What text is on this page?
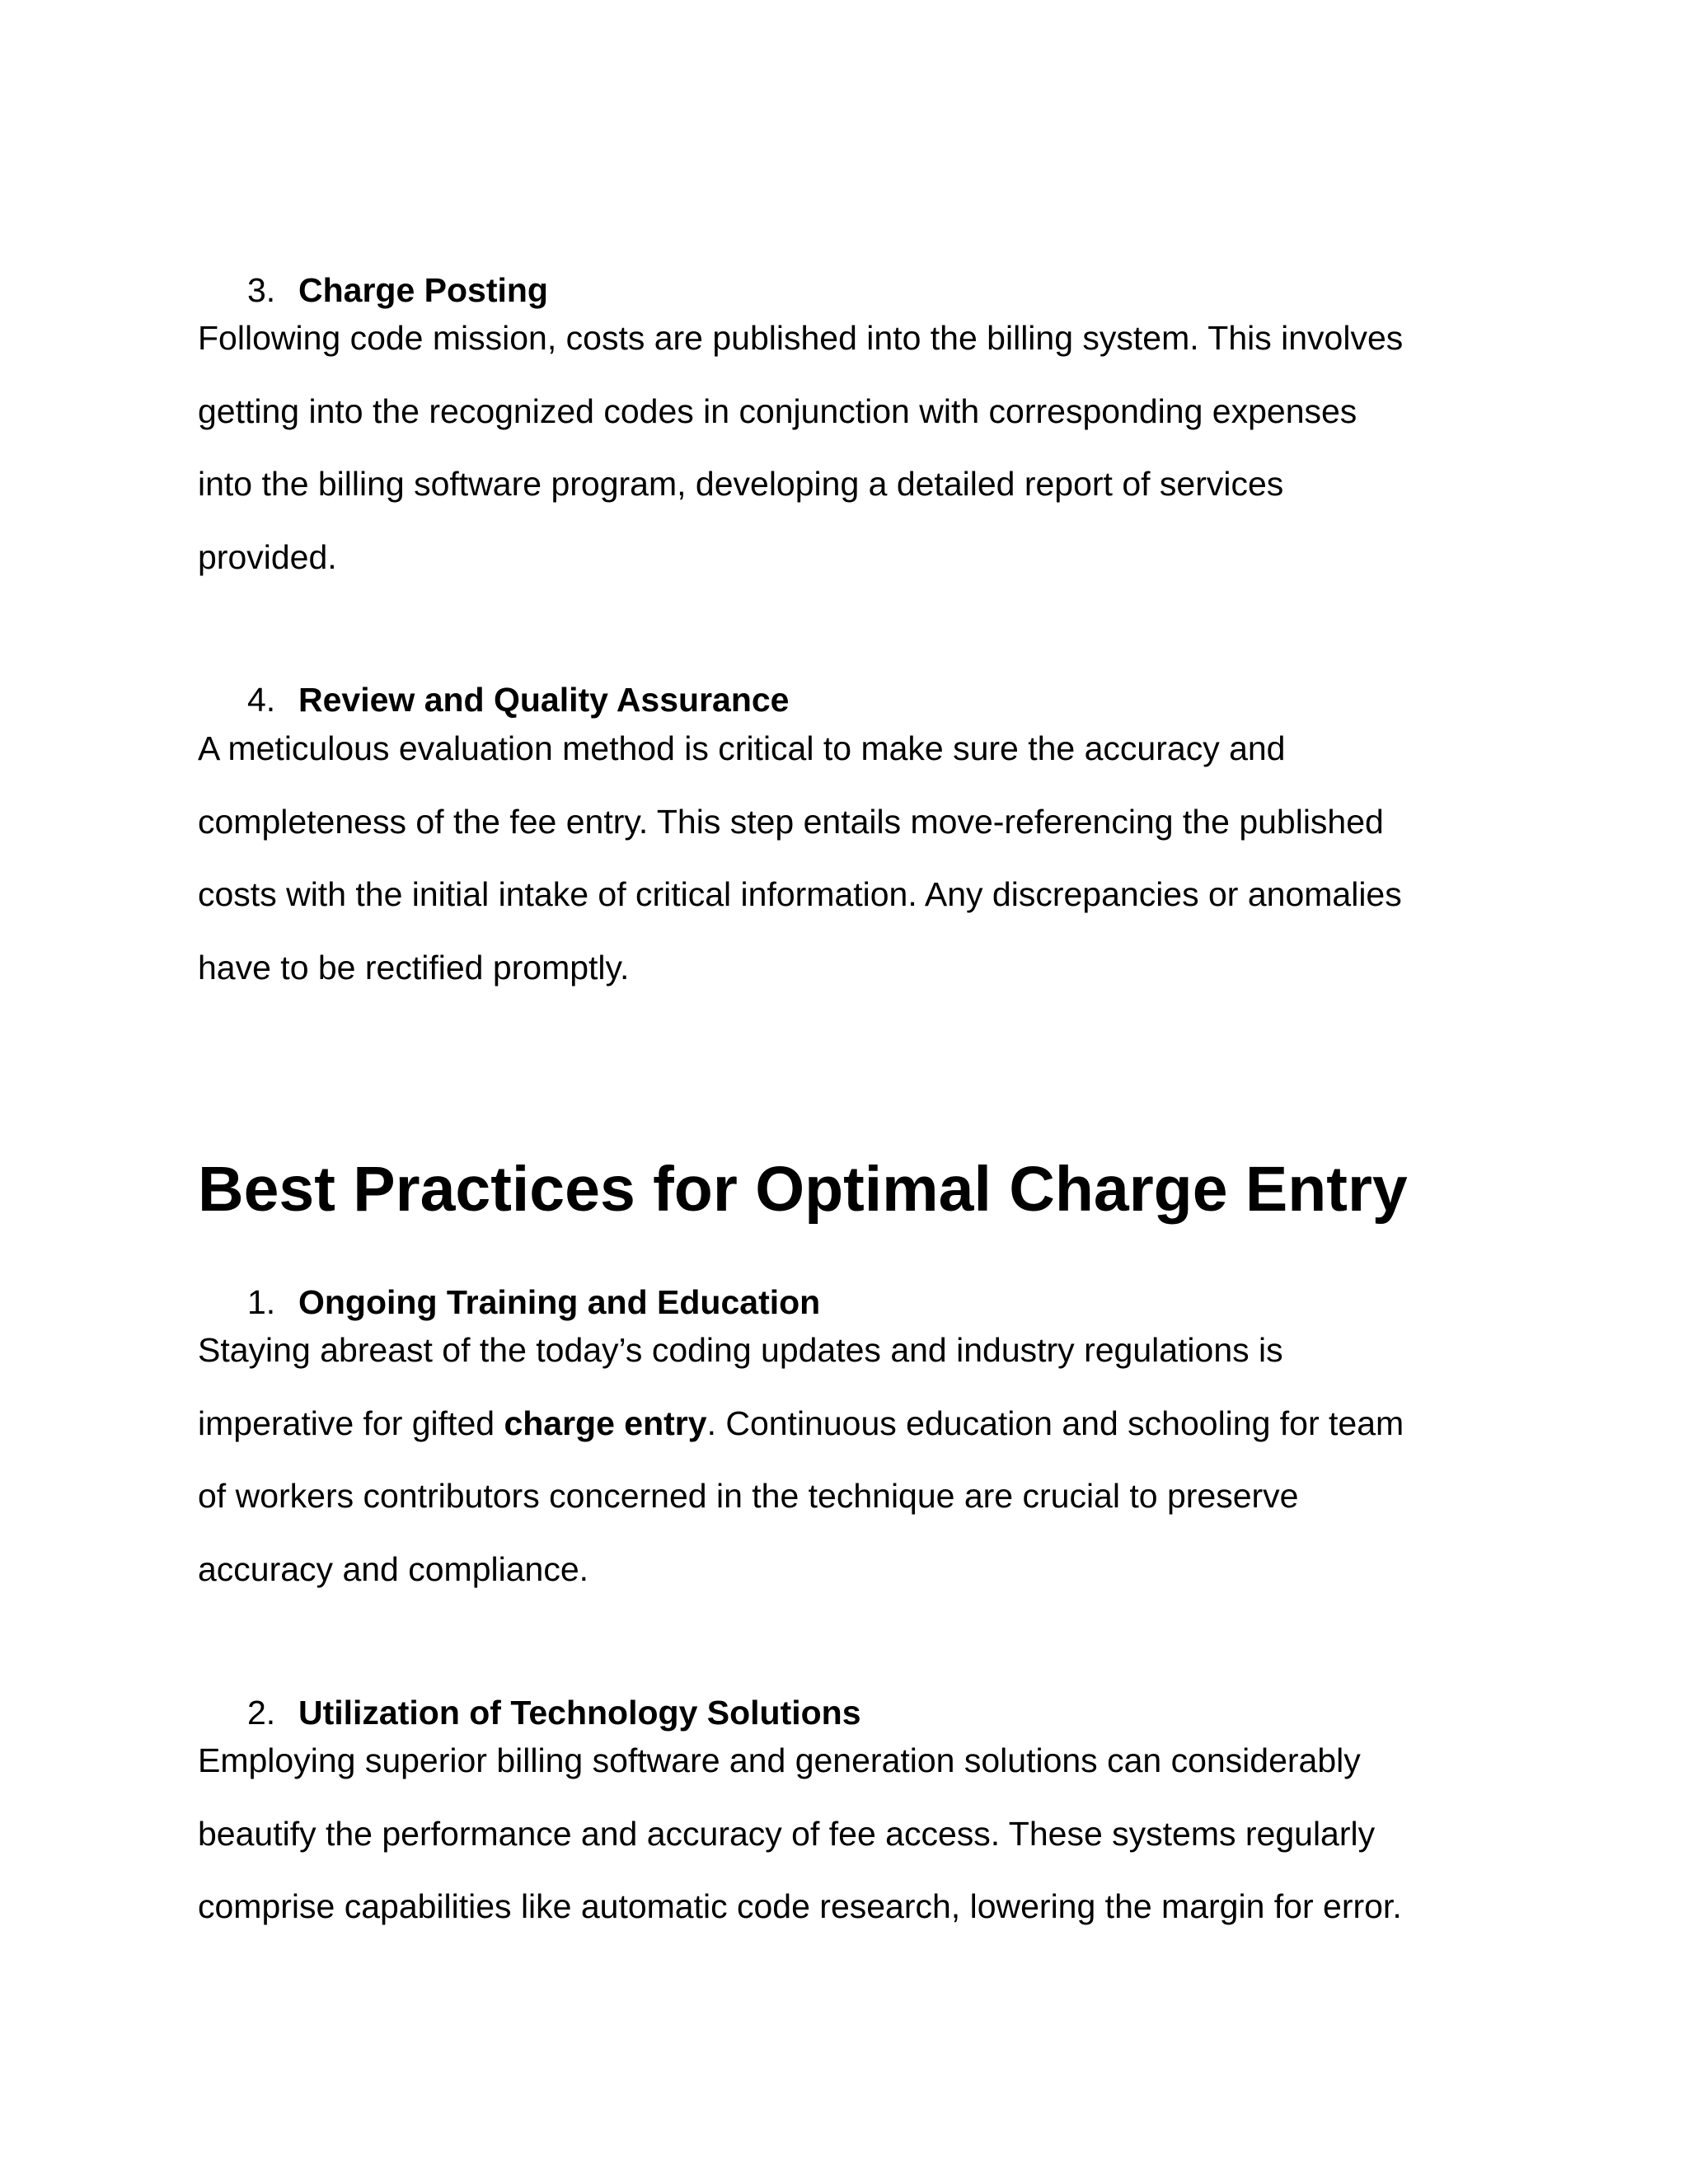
3. Charge Posting

Following code mission, costs are published into the billing system. This involves
getting into the recognized codes in conjunction with corresponding expenses
into the billing software program, developing a detailed report of services
provided.

4. Review and Quality Assurance

A meticulous evaluation method is critical to make sure the accuracy and
completeness of the fee entry. This step entails move-referencing the published
costs with the initial intake of critical information. Any discrepancies or anomalies
have to be rectified promptly.

Best Practices for Optimal Charge Entry
1. Ongoing Training and Education

Staying abreast of the today’s coding updates and industry regulations is
imperative for gifted charge entry. Continuous education and schooling for team
of workers contributors concerned in the technique are crucial to preserve
accuracy and compliance.

2. Utilization of Technology Solutions

Employing superior billing software and generation solutions can considerably
beautify the performance and accuracy of fee access. These systems regularly
comprise capabilities like automatic code research, lowering the margin for error.
